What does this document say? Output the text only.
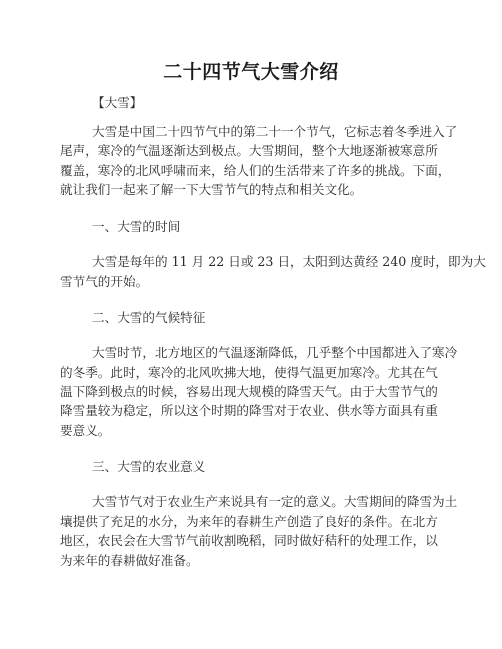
二十四节气大雪介绍
【大雪】
大雪是中国二十四节气中的第二十一个节气，它标志着冬季进入了
尾声，寒冷的气温逐渐达到极点。大雪期间，整个大地逐渐被寒意所
覆盖，寒冷的北风呼啸而来，给人们的生活带来了许多的挑战。下面，
就让我们一起来了解一下大雪节气的特点和相关文化。
一、大雪的时间
大雪是每年的 11 月 22 日或 23 日，太阳到达黄经 240 度时，即为大
雪节气的开始。
二、大雪的气候特征
大雪时节，北方地区的气温逐渐降低，几乎整个中国都进入了寒冷
的冬季。此时，寒冷的北风吹拂大地，使得气温更加寒冷。尤其在气
温下降到极点的时候，容易出现大规模的降雪天气。由于大雪节气的
降雪量较为稳定，所以这个时期的降雪对于农业、供水等方面具有重
要意义。
三、大雪的农业意义
大雪节气对于农业生产来说具有一定的意义。大雪期间的降雪为土
壤提供了充足的水分，为来年的春耕生产创造了良好的条件。在北方
地区，农民会在大雪节气前收割晚稻，同时做好秸秆的处理工作，以
为来年的春耕做好准备。
